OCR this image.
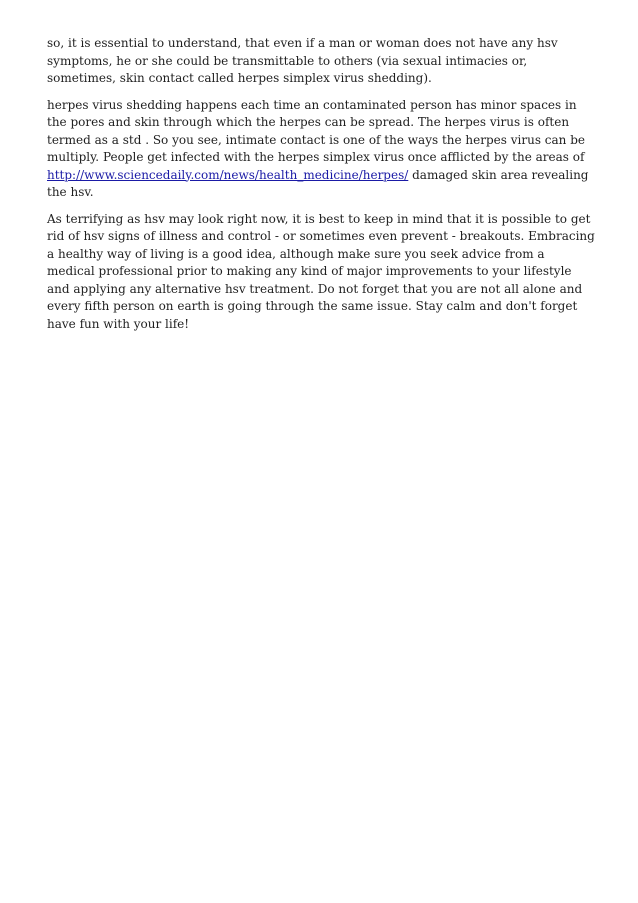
so, it is essential to understand, that even if a man or woman does not have any hsv symptoms, he or she could be transmittable to others (via sexual intimacies or, sometimes, skin contact called herpes simplex virus shedding).

herpes virus shedding happens each time an contaminated person has minor spaces in the pores and skin through which the herpes can be spread. The herpes virus is often termed as a std . So you see, intimate contact is one of the ways the herpes virus can be multiply. People get infected with the herpes simplex virus once afflicted by the areas of http://www.sciencedaily.com/news/health_medicine/herpes/ damaged skin area revealing the hsv.

As terrifying as hsv may look right now, it is best to keep in mind that it is possible to get rid of hsv signs of illness and control - or sometimes even prevent - breakouts. Embracing a healthy way of living is a good idea, although make sure you seek advice from a medical professional prior to making any kind of major improvements to your lifestyle and applying any alternative hsv treatment. Do not forget that you are not all alone and every fifth person on earth is going through the same issue. Stay calm and don't forget have fun with your life!
